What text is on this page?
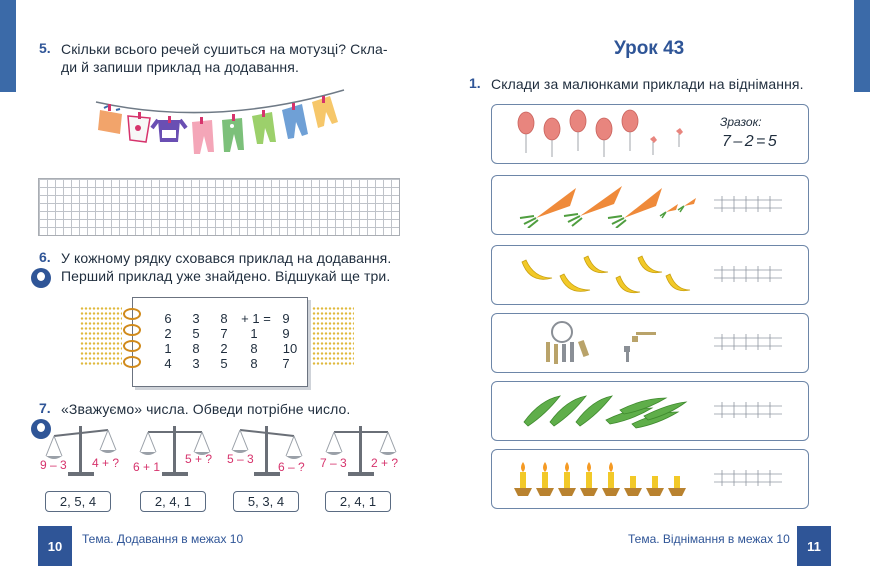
5. Скільки всього речей сушиться на мотузці? Скла-
ди й запиши приклад на додавання.
6. У кожному рядку сховався приклад на додавання.
Перший приклад уже знайдено. Відшукай ще три.
6	3	8	+ 1 = 9
2	5	7	1	9
1	8	2	8	10
4	3	5	8	7
7. «Зважуємо» числа. Обведи потрібне число.
9 – 3 4 + ? 6 + 1
5 + ? 5 – 3
6 – ? 7 – 3 2 + ?
2, 5, 4	2, 4, 1	5, 3, 4	2, 4, 1
10	Тема. Додавання в межах 10
Урок 43
1. Склади за малюнками приклади на віднімання.
Зразок:
7 – 2 = 5
Тема. Віднімання в межах 10	11
